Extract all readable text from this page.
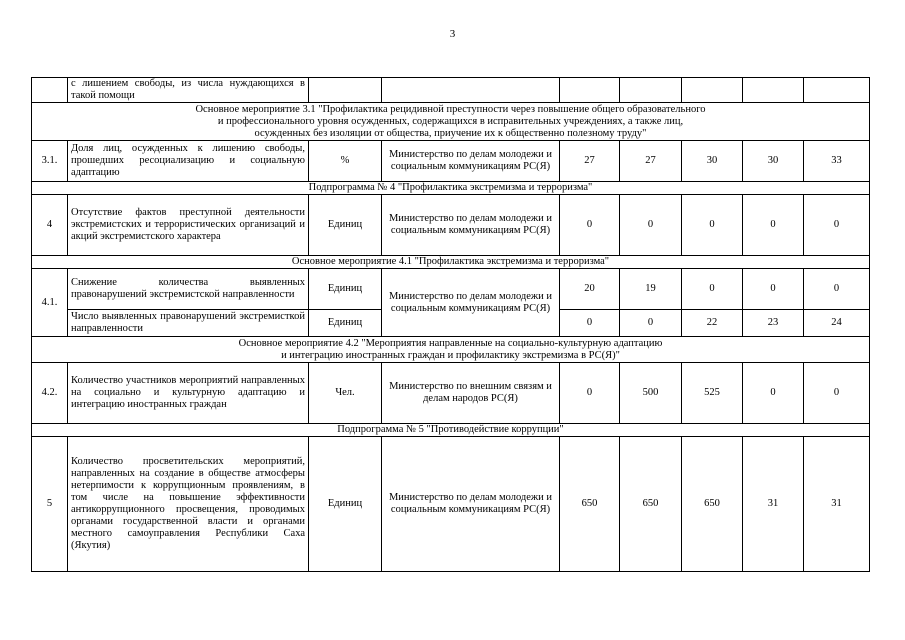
3
	с лишением свободы, из числа нуждающихся в такой помощи							
Основное мероприятие 3.1 "Профилактика рецидивной преступности через повышение общего образовательного
и профессионального уровня осужденных, содержащихся в исправительных учреждениях, а также лиц,
осужденных без изоляции от общества, приучение их к общественно полезному труду"								
3.1.	Доля лиц, осужденных к лишению свободы, прошедших ресоциализацию и социальную адаптацию	%	Министерство по делам молодежи и социальным коммуникациям РС(Я)	27	27	30	30	33
Подпрограмма № 4 "Профилактика экстремизма и терроризма"								
4	Отсутствие фактов преступной деятельности экстремистских и террористических организаций и акций экстремистского характера	Единиц	Министерство по делам молодежи и социальным коммуникациям РС(Я)	0	0	0	0	0
Основное мероприятие 4.1 "Профилактика экстремизма и терроризма"								
4.1.	Снижение количества выявленных правонарушений экстремистской направленности	Единиц	Министерство по делам молодежи и социальным коммуникациям РС(Я)	20	19	0	0	0
	Число выявленных правонарушений экстремисткой направленности	Единиц		0	0	22	23	24
Основное мероприятие 4.2 "Мероприятия направленные на социально-культурную адаптацию
и интеграцию иностранных граждан и профилактику экстремизма в РС(Я)"								
4.2.	Количество участников мероприятий направленных на социально и культурную адаптацию и интеграцию иностранных граждан	Чел.	Министерство по внешним связям и делам народов РС(Я)	0	500	525	0	0
Подпрограмма № 5 "Противодействие коррупции"								
5	Количество просветительских мероприятий, направленных на создание в обществе атмосферы нетерпимости к коррупционным проявлениям, в том числе на повышение эффективности антикоррупционного просвещения, проводимых органами государственной власти и органами местного самоуправления Республики Саха (Якутия)	Единиц	Министерство по делам молодежи и социальным коммуникациям РС(Я)	650	650	650	31	31
